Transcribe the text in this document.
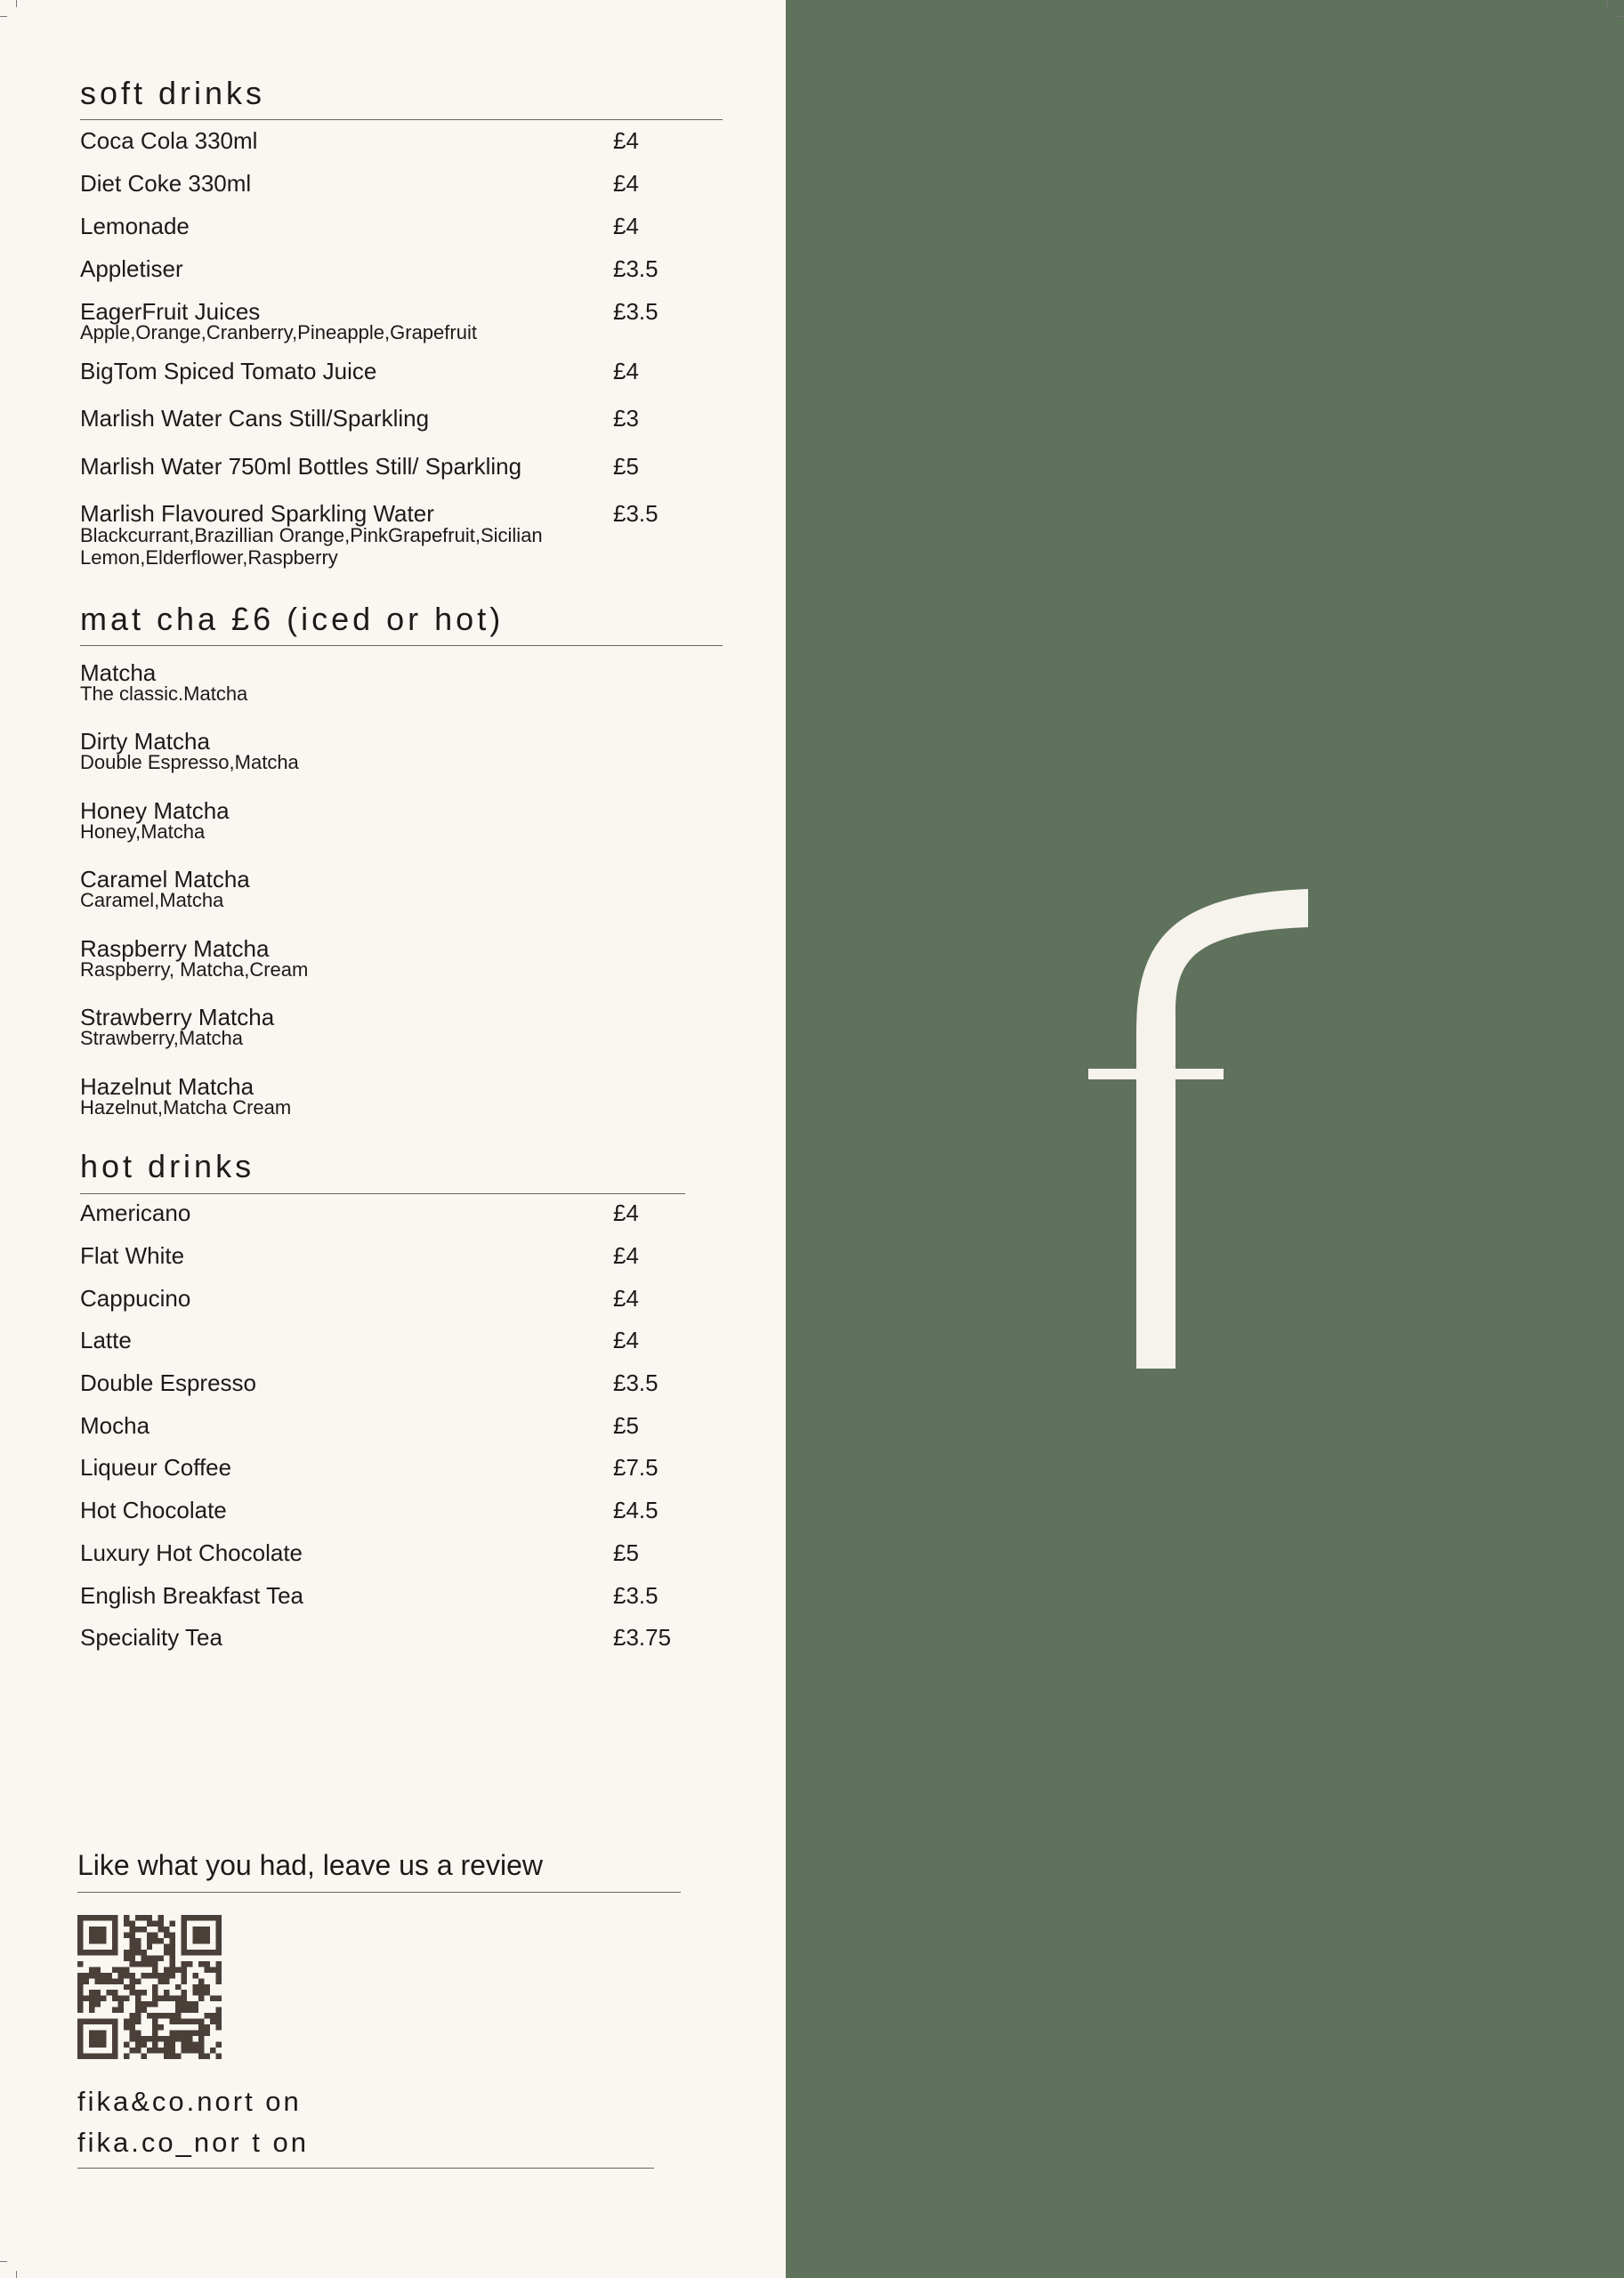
soft drinks
Coca Cola 330ml	£4
Diet Coke 330ml	£4
Lemonade	£4
Appletiser	£3.5
EagerFruit Juices	£3.5
Apple,Orange,Cranberry,Pineapple,Grapefruit
BigTom Spiced Tomato Juice	£4
Marlish Water Cans Still/Sparkling	£3
Marlish Water 750ml Bottles Still/ Sparkling	£5
Marlish Flavoured Sparkling Water	£3.5
Blackcurrant,Brazillian Orange,PinkGrapefruit,Sicilian
Lemon,Elderflower,Raspberry
mat cha £6 (iced or hot)
Matcha
The classic.Matcha
Dirty Matcha
Double Espresso,Matcha
Honey Matcha
Honey,Matcha
Caramel Matcha
Caramel,Matcha
Raspberry Matcha
Raspberry, Matcha,Cream
Strawberry Matcha
Strawberry,Matcha
Hazelnut Matcha
Hazelnut,Matcha Cream
hot drinks
Americano	£4
Flat White	£4
Cappucino	£4
Latte	£4
Double Espresso	£3.5
Mocha	£5
Liqueur Coffee	£7.5
Hot Chocolate	£4.5
Luxury Hot Chocolate	£5
English Breakfast Tea	£3.5
Speciality Tea	£3.75
Like what you had, leave us a review
fika&co.nort on
fika.co_nor t on
